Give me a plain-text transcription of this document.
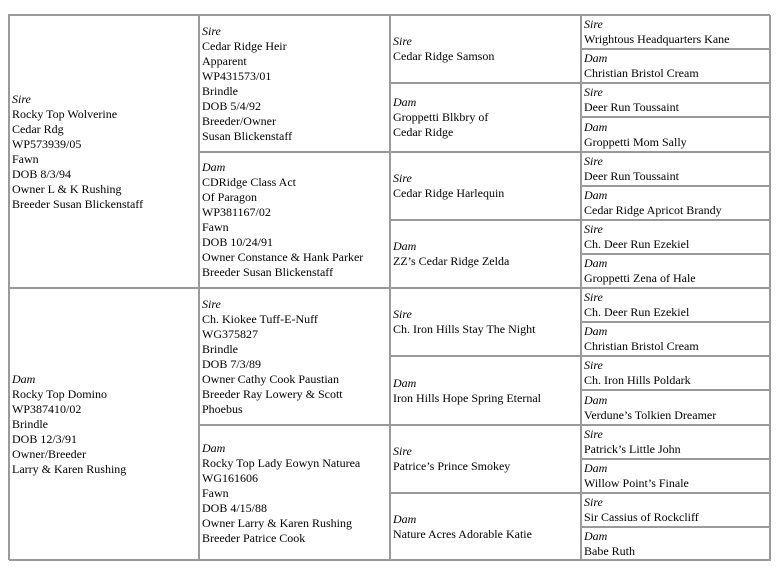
Sire
Rocky Top Wolverine
Cedar Rdg
WP573939/05
Fawn
DOB 8/3/94
Owner L & K Rushing
Breeder Susan Blickenstaff
Dam
Rocky Top Domino
WP387410/02
Brindle
DOB 12/3/91
Owner/Breeder
Larry & Karen Rushing
Sire
Cedar Ridge Heir
Apparent
WP431573/01
Brindle
DOB 5/4/92
Breeder/Owner
Susan Blickenstaff
Dam
CDRidge Class Act
Of Paragon
WP381167/02
Fawn
DOB 10/24/91
Owner Constance & Hank Parker
Breeder Susan Blickenstaff
Sire
Ch. Kiokee Tuff-E-Nuff
WG375827
Brindle
DOB 7/3/89
Owner Cathy Cook Paustian
Breeder Ray Lowery & Scott
Phoebus
Dam
Rocky Top Lady Eowyn Naturea
WG161606
Fawn
DOB 4/15/88
Owner Larry & Karen Rushing
Breeder Patrice Cook
Sire
Cedar Ridge Samson
Dam
Groppetti Blkbry of
Cedar Ridge
Sire
Cedar Ridge Harlequin
Dam
ZZ’s Cedar Ridge Zelda
Sire
Ch. Iron Hills Stay The Night
Dam
Iron Hills Hope Spring Eternal
Sire
Patrice’s Prince Smokey
Dam
Nature Acres Adorable Katie
Sire
Wrightous Headquarters Kane
Dam
Christian Bristol Cream
Sire
Deer Run Toussaint
Dam
Groppetti Mom Sally
Sire
Deer Run Toussaint
Dam
Cedar Ridge Apricot Brandy
Sire
Ch. Deer Run Ezekiel
Dam
Groppetti Zena of Hale
Sire
Ch. Deer Run Ezekiel
Dam
Christian Bristol Cream
Sire
Ch. Iron Hills Poldark
Dam
Verdune’s Tolkien Dreamer
Sire
Patrick’s Little John
Dam
Willow Point’s Finale
Sire
Sir Cassius of Rockcliff
Dam
Babe Ruth
